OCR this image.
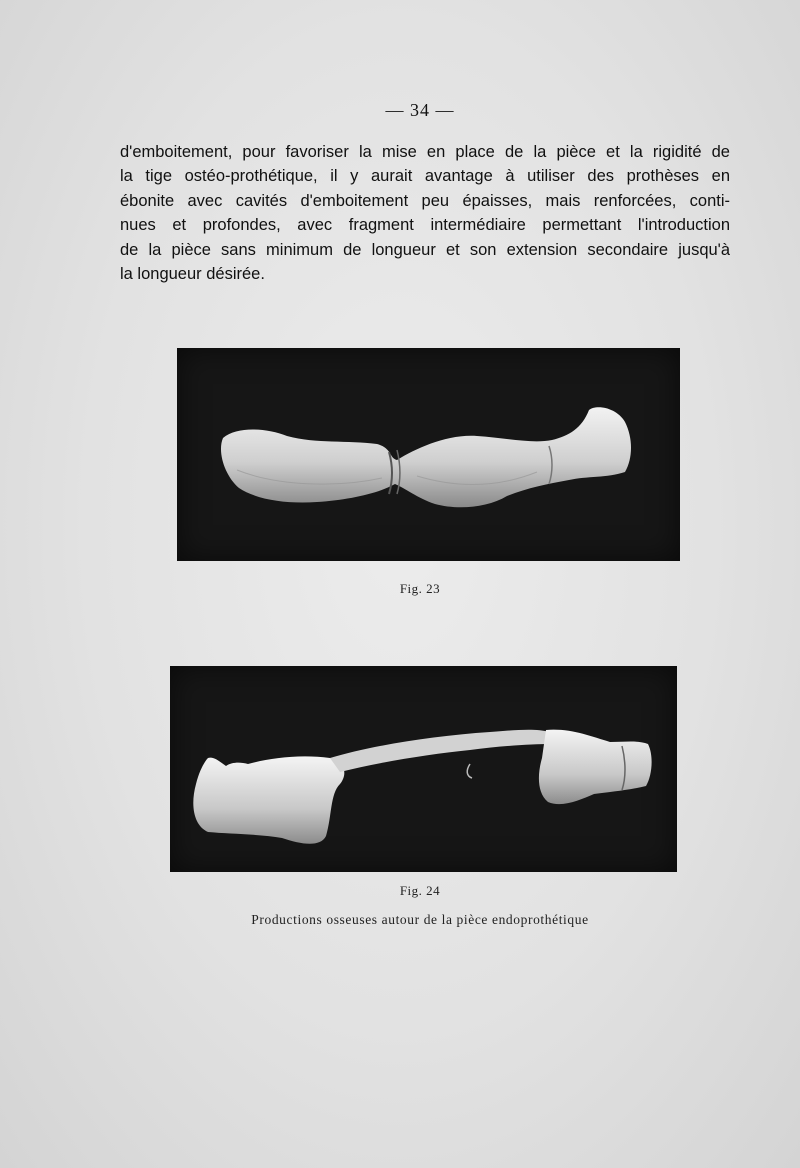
— 34 —

d'emboitement, pour favoriser la mise en place de la pièce et la rigidité de
la tige ostéo-prothétique, il y aurait avantage à utiliser des prothèses en
ébonite avec cavités d'emboitement peu épaisses, mais renforcées, conti-
nues et profondes, avec fragment intermédiaire permettant l'introduction
de la pièce sans minimum de longueur et son extension secondaire jusqu'à
la longueur désirée.

Fig. 23
Fig. 24
Productions osseuses autour de la pièce endoprothétique
